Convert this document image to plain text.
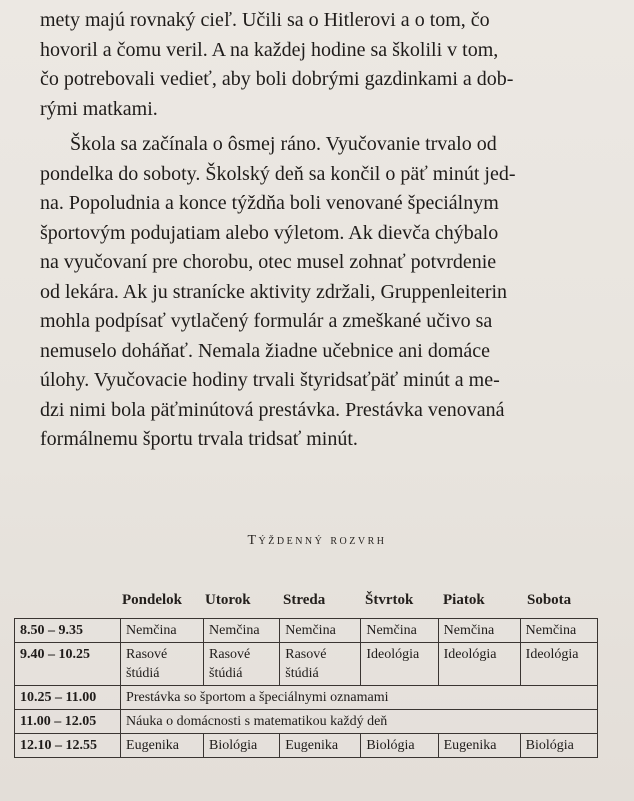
mety majú rovnaký cieľ. Učili sa o Hitlerovi a o tom, čo
hovoril a čomu veril. A na každej hodine sa školili v tom,
čo potrebovali vedieť, aby boli dobrými gazdinkami a dob-
rými matkami.
Škola sa začínala o ôsmej ráno. Vyučovanie trvalo od
pondelka do soboty. Školský deň sa končil o päť minút jed-
na. Popoludnia a konce týždňa boli venované špeciálnym
športovým podujatiam alebo výletom. Ak dievča chýbalo
na vyučovaní pre chorobu, otec musel zohnať potvrdenie
od lekára. Ak ju stranícke aktivity zdržali, Gruppenleiterin
mohla podpísať vytlačený formulár a zmeškané učivo sa
nemuselo doháňať. Nemala žiadne učebnice ani domáce
úlohy. Vyučovacie hodiny trvali štyridsaťpäť minút a me-
dzi nimi bola päťminútová prestávka. Prestávka venovaná
formálnemu športu trvala tridsať minút.
Týždenný rozvrh
Pondelok Utorok Streda	Štvrtok Piatok	Sobota
8.50 – 9.35	Nemčina	Nemčina	Nemčina	Nemčina	Nemčina	Nemčina
9.40 – 10.25	Rasové štúdiá	Rasové štúdiá	Rasové štúdiá	Ideológia	Ideológia	Ideológia
10.25 – 11.00	Prestávka so športom a špeciálnymi oznamami					
11.00 – 12.05	Náuka o domácnosti s matematikou každý deň					
12.10 – 12.55	Eugenika	Biológia	Eugenika	Biológia	Eugenika	Biológia
